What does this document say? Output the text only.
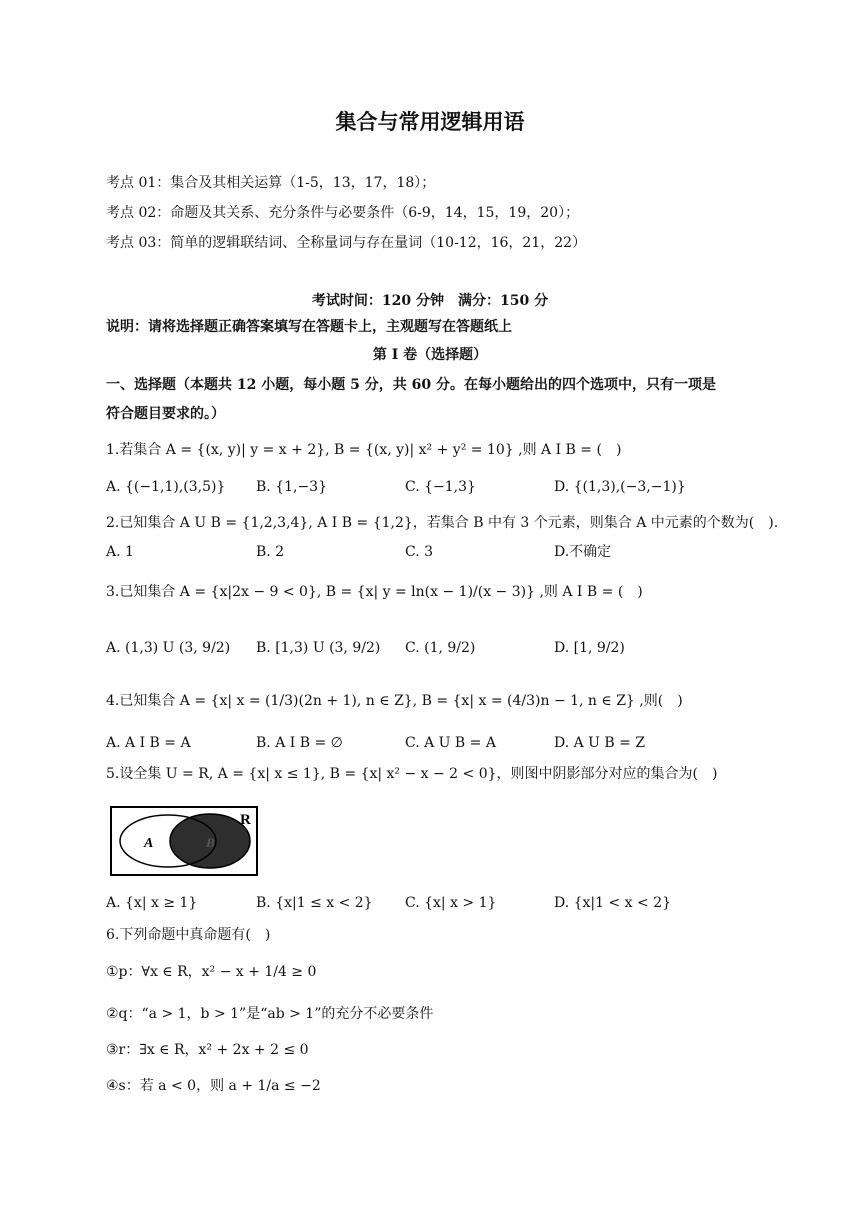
集合与常用逻辑用语
考点 01：集合及其相关运算（1-5，13，17，18）；
考点 02：命题及其关系、充分条件与必要条件（6-9，14，15，19，20）；
考点 03：简单的逻辑联结词、全称量词与存在量词（10-12，16，21，22）
考试时间：120 分钟　满分：150 分
说明：请将选择题正确答案填写在答题卡上，主观题写在答题纸上
第 I 卷（选择题）
一、选择题（本题共 12 小题，每小题 5 分，共 60 分。在每小题给出的四个选项中，只有一项是
符合题目要求的。）
1.若集合 A = {(x, y)| y = x + 2}, B = {(x, y)| x² + y² = 10} ,则 A I B = (　)
A. {(−1,1),(3,5)} B. {1,−3}	C. {−1,3}	D. {(1,3),(−3,−1)}
2.已知集合 A U B = {1,2,3,4}, A I B = {1,2}，若集合 B 中有 3 个元素，则集合 A 中元素的个数为(　).
A. 1	B. 2	C. 3	D.不确定
3.已知集合 A = {x|2x − 9 < 0}, B = {x| y = ln(x − 1)/(x − 3)} ,则 A I B = (　)
A. (1,3) U (3, 9/2) B. [1,3) U (3, 9/2) C. (1, 9/2)	D. [1, 9/2)
4.已知集合 A = {x| x = (1/3)(2n + 1), n ∈ Z}, B = {x| x = (4/3)n − 1, n ∈ Z} ,则(　)
A. A I B = A	B. A I B = ∅	C. A U B = A	D. A U B = Z
5.设全集 U = R, A = {x| x ≤ 1}, B = {x| x² − x − 2 < 0}，则图中阴影部分对应的集合为(　)
A	B
R
A. {x| x ≥ 1}	B. {x|1 ≤ x < 2} C. {x| x > 1}	D. {x|1 < x < 2}
6.下列命题中真命题有(　)
①p：∀x ∈ R，x² − x + 1/4 ≥ 0
②q：“a > 1，b > 1”是“ab > 1”的充分不必要条件
③r：∃x ∈ R，x² + 2x + 2 ≤ 0
④s：若 a < 0，则 a + 1/a ≤ −2
